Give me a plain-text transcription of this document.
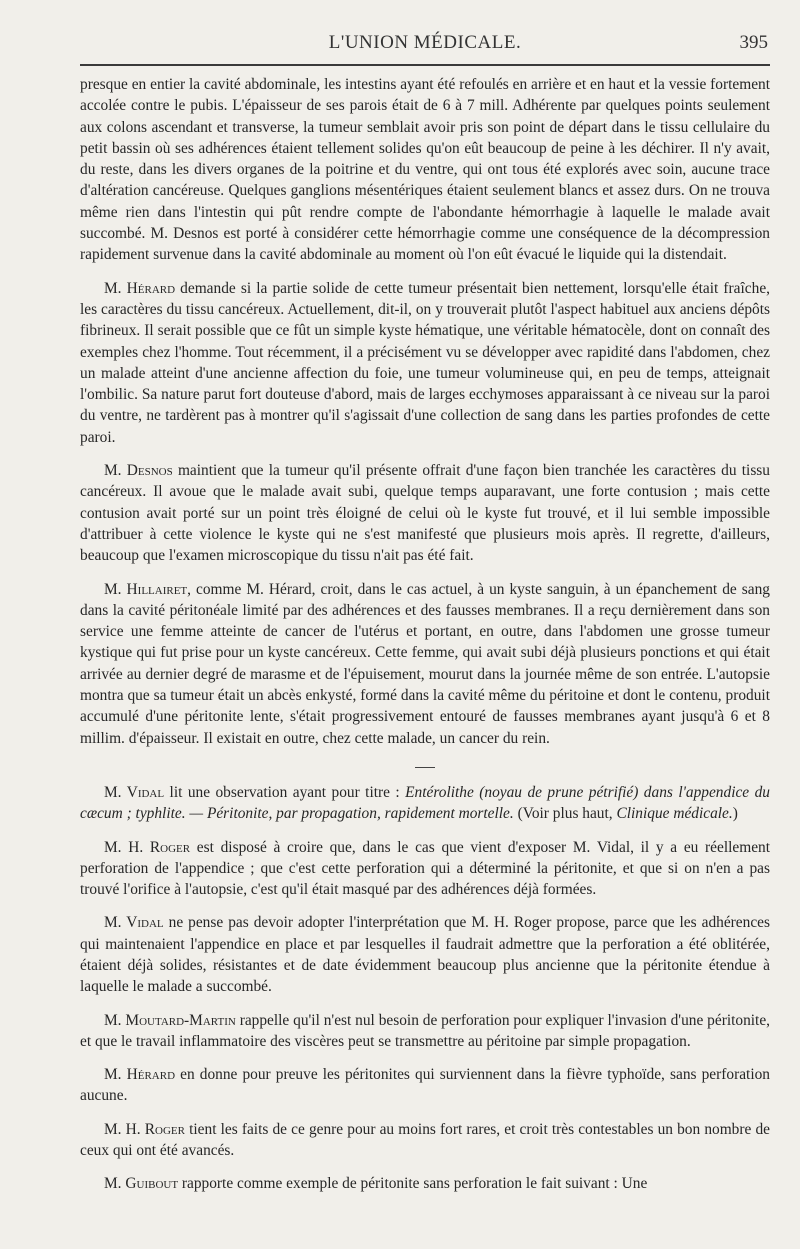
L'UNION MÉDICALE.	395

presque en entier la cavité abdominale, les intestins ayant été refoulés en arrière et en haut et la vessie fortement accolée contre le pubis. L'épaisseur de ses parois était de 6 à 7 mill. Adhérente par quelques points seulement aux colons ascendant et transverse, la tumeur semblait avoir pris son point de départ dans le tissu cellulaire du petit bassin où ses adhérences étaient tellement solides qu'on eût beaucoup de peine à les déchirer. Il n'y avait, du reste, dans les divers organes de la poitrine et du ventre, qui ont tous été explorés avec soin, aucune trace d'altération cancéreuse. Quelques ganglions mésentériques étaient seulement blancs et assez durs. On ne trouva même rien dans l'intestin qui pût rendre compte de l'abondante hémorrhagie à laquelle le malade avait succombé. M. Desnos est porté à considérer cette hémorrhagie comme une conséquence de la décompression rapidement survenue dans la cavité abdominale au moment où l'on eût évacué le liquide qui la distendait.

M. Hérard demande si la partie solide de cette tumeur présentait bien nettement, lorsqu'elle était fraîche, les caractères du tissu cancéreux. Actuellement, dit-il, on y trouverait plutôt l'aspect habituel aux anciens dépôts fibrineux. Il serait possible que ce fût un simple kyste hématique, une véritable hématocèle, dont on connaît des exemples chez l'homme. Tout récemment, il a précisément vu se développer avec rapidité dans l'abdomen, chez un malade atteint d'une ancienne affection du foie, une tumeur volumineuse qui, en peu de temps, atteignait l'ombilic. Sa nature parut fort douteuse d'abord, mais de larges ecchymoses apparaissant à ce niveau sur la paroi du ventre, ne tardèrent pas à montrer qu'il s'agissait d'une collection de sang dans les parties profondes de cette paroi.

M. Desnos maintient que la tumeur qu'il présente offrait d'une façon bien tranchée les caractères du tissu cancéreux. Il avoue que le malade avait subi, quelque temps auparavant, une forte contusion ; mais cette contusion avait porté sur un point très éloigné de celui où le kyste fut trouvé, et il lui semble impossible d'attribuer à cette violence le kyste qui ne s'est manifesté que plusieurs mois après. Il regrette, d'ailleurs, beaucoup que l'examen microscopique du tissu n'ait pas été fait.

M. Hillairet, comme M. Hérard, croit, dans le cas actuel, à un kyste sanguin, à un épanchement de sang dans la cavité péritonéale limité par des adhérences et des fausses membranes. Il a reçu dernièrement dans son service une femme atteinte de cancer de l'utérus et portant, en outre, dans l'abdomen une grosse tumeur kystique qui fut prise pour un kyste cancéreux. Cette femme, qui avait subi déjà plusieurs ponctions et qui était arrivée au dernier degré de marasme et de l'épuisement, mourut dans la journée même de son entrée. L'autopsie montra que sa tumeur était un abcès enkysté, formé dans la cavité même du péritoine et dont le contenu, produit accumulé d'une péritonite lente, s'était progressivement entouré de fausses membranes ayant jusqu'à 6 et 8 millim. d'épaisseur. Il existait en outre, chez cette malade, un cancer du rein.

M. Vidal lit une observation ayant pour titre : Entérolithe (noyau de prune pétrifié) dans l'appendice du cæcum ; typhlite. — Péritonite, par propagation, rapidement mortelle. (Voir plus haut, Clinique médicale.)

M. H. Roger est disposé à croire que, dans le cas que vient d'exposer M. Vidal, il y a eu réellement perforation de l'appendice ; que c'est cette perforation qui a déterminé la péritonite, et que si on n'en a pas trouvé l'orifice à l'autopsie, c'est qu'il était masqué par des adhérences déjà formées.

M. Vidal ne pense pas devoir adopter l'interprétation que M. H. Roger propose, parce que les adhérences qui maintenaient l'appendice en place et par lesquelles il faudrait admettre que la perforation a été oblitérée, étaient déjà solides, résistantes et de date évidemment beaucoup plus ancienne que la péritonite étendue à laquelle le malade a succombé.

M. Moutard-Martin rappelle qu'il n'est nul besoin de perforation pour expliquer l'invasion d'une péritonite, et que le travail inflammatoire des viscères peut se transmettre au péritoine par simple propagation.

M. Hérard en donne pour preuve les péritonites qui surviennent dans la fièvre typhoïde, sans perforation aucune.

M. H. Roger tient les faits de ce genre pour au moins fort rares, et croit très contestables un bon nombre de ceux qui ont été avancés.

M. Guibout rapporte comme exemple de péritonite sans perforation le fait suivant : Une
